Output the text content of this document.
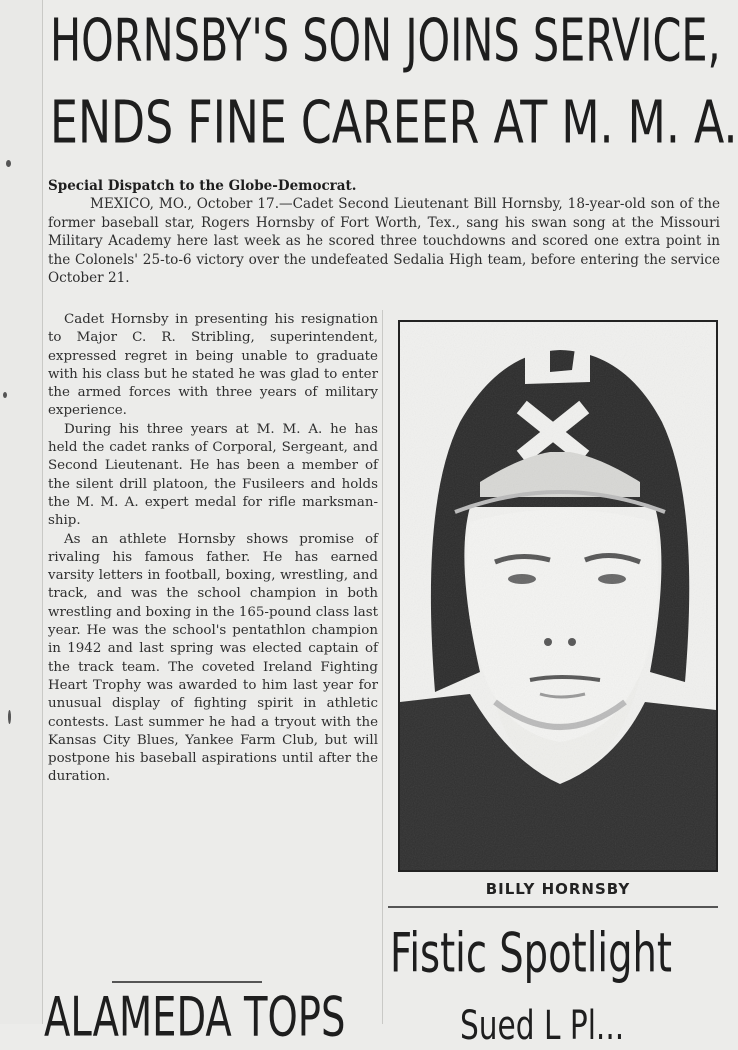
HORNSBY'S SON JOINS SERVICE,
ENDS FINE CAREER AT M. M. A.
Special Dispatch to the Globe-Democrat.

MEXICO, MO., October 17.—Cadet Second Lieutenant Bill Hornsby, 18-year-old son of the former baseball star, Rogers Hornsby of Fort Worth, Tex., sang his swan song at the Missouri Military Academy here last week as he scored three touchdowns and scored one extra point in the Colonels' 25-to-6 victory over the undefeated Sedalia High team, before entering the service October 21.

Cadet Hornsby in presenting his resignation to Major C. R. Stribling, superintendent, expressed regret in being unable to graduate with his class but he stated he was glad to enter the armed forces with three years of military experience.

During his three years at M. M. A. he has held the cadet ranks of Corporal, Sergeant, and Second Lieutenant. He has been a member of the silent drill platoon, the Fusileers and holds the M. M. A. expert medal for rifle marksmanship.

As an athlete Hornsby shows promise of rivaling his famous father. He has earned varsity letters in football, boxing, wrestling, and track, and was the school champion in both wrestling and boxing in the 165-pound class last year. He was the school's pentathlon champion in 1942 and last spring was elected captain of the track team. The coveted Ireland Fighting Heart Trophy was awarded to him last year for unusual display of fighting spirit in athletic contests. Last summer he had a tryout with the Kansas City Blues, Yankee Farm Club, but will postpone his baseball aspirations until after the duration.

BILLY HORNSBY
Fistic Spotlight
Sued L Pl...
ALAMEDA TOPS
